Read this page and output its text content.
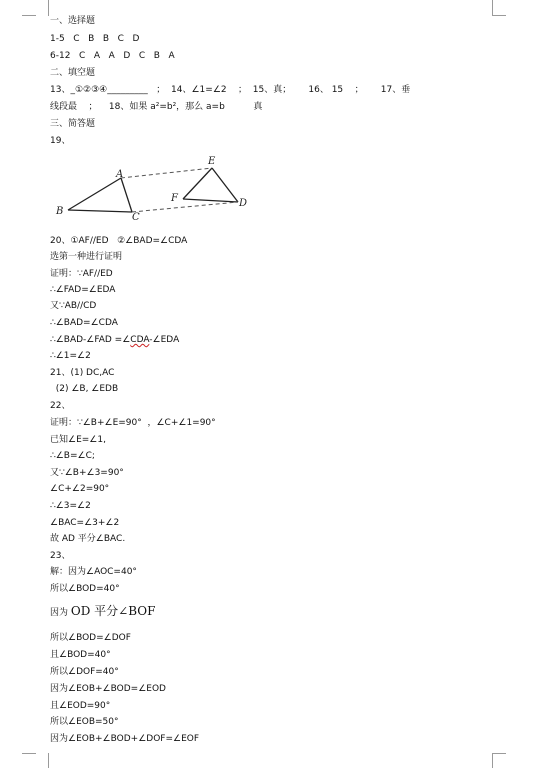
一、选择题
1-5   C   B   B   C   D
6-12   C   A   A   D   C   B   A
二、填空题
13、_①②③④_________   ；  14、∠1=∠2    ；  15、真；      16、 15    ；      17、垂
线段最    ；    18、如果 a²=b²，那么 a=b          真
三、简答题
19、
B
A
C
E
F	D
20、①AF//ED   ②∠BAD=∠CDA
选第一种进行证明
证明：∵AF//ED
∴∠FAD=∠EDA
又∵AB//CD
∴∠BAD=∠CDA
∴∠BAD-∠FAD =∠CDA-∠EDA
∴∠1=∠2
21、(1) DC,AC
(2) ∠B, ∠EDB
22、
证明：∵∠B+∠E=90°  ，∠C+∠1=90°
已知∠E=∠1,
∴∠B=∠C;
又∵∠B+∠3=90°
∠C+∠2=90°
∴∠3=∠2
∠BAC=∠3+∠2
故 AD 平分∠BAC.
23、
解：因为∠AOC=40°
所以∠BOD=40°
因为 OD 平分∠BOF
所以∠BOD=∠DOF
且∠BOD=40°
所以∠DOF=40°
因为∠EOB+∠BOD=∠EOD
且∠EOD=90°
所以∠EOB=50°
因为∠EOB+∠BOD+∠DOF=∠EOF
